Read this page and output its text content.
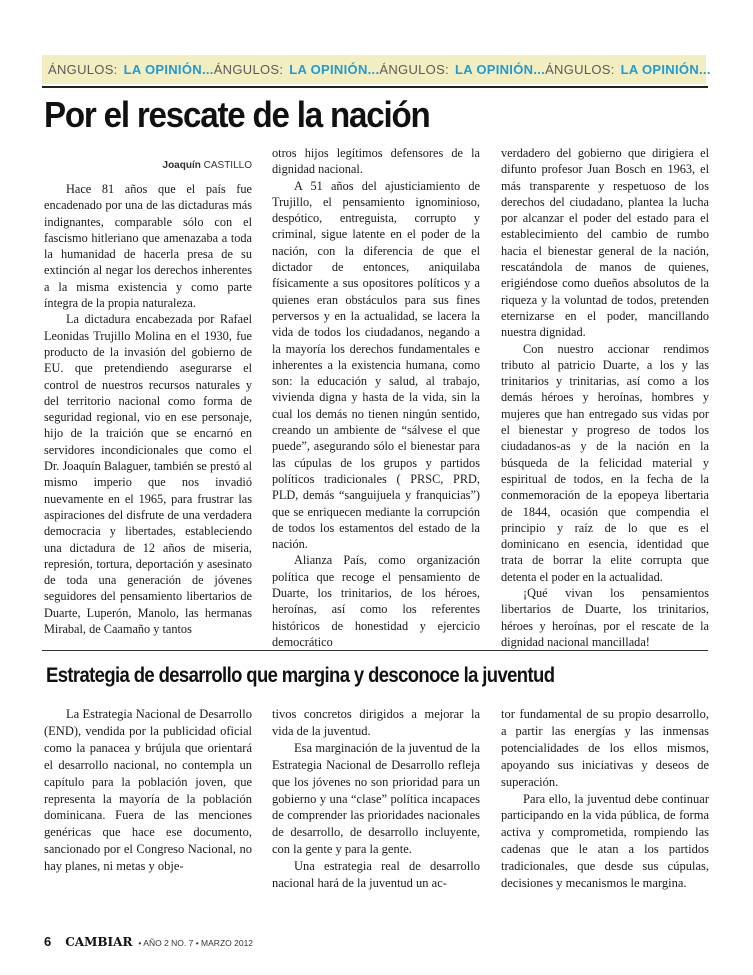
ÁNGULOS: LA OPINIÓN... ÁNGULOS: LA OPINIÓN... ÁNGULOS: LA OPINIÓN... ÁNGULOS: LA OPINIÓN...
Por el rescate de la nación
Joaquín CASTILLO

Hace 81 años que el país fue encadenado por una de las dictaduras más indignantes, comparable sólo con el fascismo hitleriano que amenazaba a toda la humanidad de hacerla presa de su extinción al negar los derechos inherentes a la misma existencia y como parte íntegra de la propia naturaleza.

La dictadura encabezada por Rafael Leonidas Trujillo Molina en el 1930, fue producto de la invasión del gobierno de EU. que pretendiendo asegurarse el control de nuestros recursos naturales y del territorio nacional como forma de seguridad regional, vio en ese personaje, hijo de la traición que se encarnó en servidores incondicionales que como el Dr. Joaquín Balaguer, también se prestó al mismo imperio que nos invadió nuevamente en el 1965, para frustrar las aspiraciones del disfrute de una verdadera democracia y libertades, estableciendo una dictadura de 12 años de miseria, represión, tortura, deportación y asesinato de toda una generación de jóvenes seguidores del pensamiento libertarios de Duarte, Luperón, Manolo, las hermanas Mirabal, de Caamaño y tantos

otros hijos legítimos defensores de la dignidad nacional.

A 51 años del ajusticiamiento de Trujillo, el pensamiento ignominioso, despótico, entreguista, corrupto y criminal, sigue latente en el poder de la nación, con la diferencia de que el dictador de entonces, aniquilaba físicamente a sus opositores políticos y a quienes eran obstáculos para sus fines perversos y en la actualidad, se lacera la vida de todos los ciudadanos, negando a la mayoría los derechos fundamentales e inherentes a la existencia humana, como son: la educación y salud, al trabajo, vivienda digna y hasta de la vida, sin la cual los demás no tienen ningún sentido, creando un ambiente de “sálvese el que puede”, asegurando sólo el bienestar para las cúpulas de los grupos y partidos políticos tradicionales ( PRSC, PRD, PLD, demás “sanguijuela y franquicias”) que se enriquecen mediante la corrupción de todos los estamentos del estado de la nación.

Alianza País, como organización política que recoge el pensamiento de Duarte, los trinitarios, de los héroes, heroínas, así como los referentes históricos de honestidad y ejercicio democrático

verdadero del gobierno que dirigiera el difunto profesor Juan Bosch en 1963, el más transparente y respetuoso de los derechos del ciudadano, plantea la lucha por alcanzar el poder del estado para el establecimiento del cambio de rumbo hacia el bienestar general de la nación, rescatándola de manos de quienes, erigiéndose como dueños absolutos de la riqueza y la voluntad de todos, pretenden eternizarse en el poder, mancillando nuestra dignidad.

Con nuestro accionar rendimos tributo al patricio Duarte, a los y las trinitarios y trinitarias, así como a los demás héroes y heroínas, hombres y mujeres que han entregado sus vidas por el bienestar y progreso de todos los ciudadanos-as y de la nación en la búsqueda de la felicidad material y espiritual de todos, en la fecha de la conmemoración de la epopeya libertaria de 1844, ocasión que compendia el principio y raíz de lo que es el dominicano en esencia, identidad que trata de borrar la elite corrupta que detenta el poder en la actualidad.

¡Qué vivan los pensamientos libertarios de Duarte, los trinitarios, héroes y heroínas, por el rescate de la dignidad nacional mancillada!

Estrategia de desarrollo que margina y desconoce la juventud

La Estrategia Nacional de Desarrollo (END), vendida por la publicidad oficial como la panacea y brújula que orientará el desarrollo nacional, no contempla un capítulo para la población joven, que representa la mayoría de la población dominicana. Fuera de las menciones genéricas que hace ese documento, sancionado por el Congreso Nacional, no hay planes, ni metas y obje-

tivos concretos dirigidos a mejorar la vida de la juventud.

Esa marginación de la juventud de la Estrategia Nacional de Desarrollo refleja que los jóvenes no son prioridad para un gobierno y una “clase” política incapaces de comprender las prioridades nacionales de desarrollo, de desarrollo incluyente, con la gente y para la gente.

Una estrategia real de desarrollo nacional hará de la juventud un ac-

tor fundamental de su propio desarrollo, a partir las energías y las inmensas potencialidades de los ellos mismos, apoyando sus iniciativas y deseos de superación.

Para ello, la juventud debe continuar participando en la vida pública, de forma activa y comprometida, rompiendo las cadenas que le atan a los partidos tradicionales, que desde sus cúpulas, decisiones y mecanismos le margina.

6 CAMBIAR • AÑO 2 NO. 7 • MARZO 2012
